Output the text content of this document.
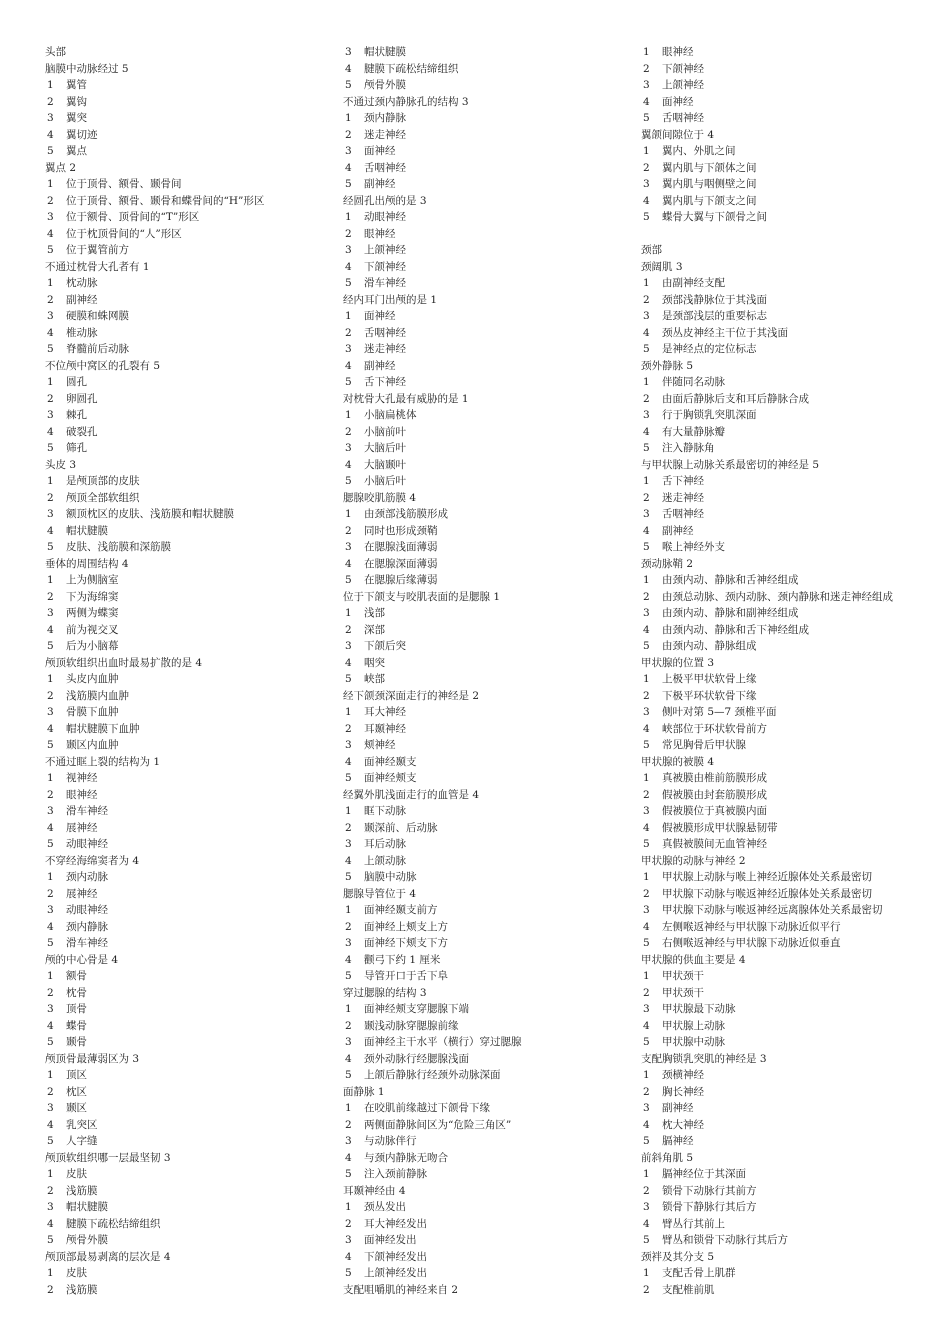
头部
脑膜中动脉经过 5
1 翼管
2 翼钩
3 翼突
4 翼切迹
5 翼点
翼点 2
1 位于顶骨、额骨、颞骨间
2 位于顶骨、额骨、颞骨和蝶骨间的“H”形区
3 位于额骨、顶骨间的“T”形区
4 位于枕顶骨间的“人”形区
5 位于翼管前方
不通过枕骨大孔者有 1
1 枕动脉
2 副神经
3 硬膜和蛛网膜
4 椎动脉
5 脊髓前后动脉
不位颅中窝区的孔裂有 5
1 圆孔
2 卵圆孔
3 棘孔
4 破裂孔
5 筛孔
头皮 3
1 是颅顶部的皮肤
2 颅顶全部软组织
3 额顶枕区的皮肤、浅筋膜和帽状腱膜
4 帽状腱膜
5 皮肤、浅筋膜和深筋膜
垂体的周围结构 4
1 上为侧脑室
2 下为海绵窦
3 两侧为蝶窦
4 前为视交叉
5 后为小脑幕
颅顶软组织出血时最易扩散的是 4
1 头皮内血肿
2 浅筋膜内血肿
3 骨膜下血肿
4 帽状腱膜下血肿
5 颞区内血肿
不通过眶上裂的结构为 1
1 视神经
2 眼神经
3 滑车神经
4 展神经
5 动眼神经
不穿经海绵窦者为 4
1 颈内动脉
2 展神经
3 动眼神经
4 颈内静脉
5 滑车神经
颅的中心骨是 4
1 额骨
2 枕骨
3 顶骨
4 蝶骨
5 颞骨
颅顶骨最薄弱区为 3
1 顶区
2 枕区
3 颞区
4 乳突区
5 人字缝
颅顶软组织哪一层最坚韧 3
1 皮肤
2 浅筋膜
3 帽状腱膜
4 腱膜下疏松结缔组织
5 颅骨外膜
颅顶部最易剥离的层次是 4
1 皮肤
2 浅筋膜
3 帽状腱膜
4 腱膜下疏松结缔组织
5 颅骨外膜
不通过颈内静脉孔的结构 3
1 颈内静脉
2 迷走神经
3 面神经
4 舌咽神经
5 副神经
经圆孔出颅的是 3
1 动眼神经
2 眼神经
3 上颌神经
4 下颌神经
5 滑车神经
经内耳门出颅的是 1
1 面神经
2 舌咽神经
3 迷走神经
4 副神经
5 舌下神经
对枕骨大孔最有威胁的是 1
1 小脑扁桃体
2 小脑前叶
3 大脑后叶
4 大脑颞叶
5 小脑后叶
腮腺咬肌筋膜 4
1 由颈部浅筋膜形成
2 同时也形成颈鞘
3 在腮腺浅面薄弱
4 在腮腺深面薄弱
5 在腮腺后缘薄弱
位于下颌支与咬肌表面的是腮腺 1
1 浅部
2 深部
3 下颌后突
4 咽突
5 峡部
经下颌颈深面走行的神经是 2
1 耳大神经
2 耳颞神经
3 颊神经
4 面神经颞支
5 面神经颊支
经翼外肌浅面走行的血管是 4
1 眶下动脉
2 颞深前、后动脉
3 耳后动脉
4 上颌动脉
5 脑膜中动脉
腮腺导管位于 4
1 面神经颞支前方
2 面神经上颊支上方
3 面神经下颊支下方
4 颧弓下约 1 厘米
5 导管开口于舌下阜
穿过腮腺的结构 3
1 面神经颊支穿腮腺下端
2 颞浅动脉穿腮腺前缘
3 面神经主干水平（横行）穿过腮腺
4 颈外动脉行经腮腺浅面
5 上颌后静脉行经颈外动脉深面
面静脉 1
1 在咬肌前缘越过下颌骨下缘
2 两侧面静脉间区为“危险三角区”
3 与动脉伴行
4 与颈内静脉无吻合
5 注入颈前静脉
耳颞神经由 4
1 颈丛发出
2 耳大神经发出
3 面神经发出
4 下颌神经发出
5 上颌神经发出
支配咀嚼肌的神经来自 2
1 眼神经
2 下颌神经
3 上颌神经
4 面神经
5 舌咽神经
翼颌间隙位于 4
1 翼内、外肌之间
2 翼内肌与下颌体之间
3 翼内肌与咽侧壁之间
4 翼内肌与下颌支之间
5 蝶骨大翼与下颌骨之间
颈部
颈阔肌 3
1 由副神经支配
2 颈部浅静脉位于其浅面
3 是颈部浅层的重要标志
4 颈丛皮神经主干位于其浅面
5 是神经点的定位标志
颈外静脉 5
1 伴随同名动脉
2 由面后静脉后支和耳后静脉合成
3 行于胸锁乳突肌深面
4 有大量静脉瓣
5 注入静脉角
与甲状腺上动脉关系最密切的神经是 5
1 舌下神经
2 迷走神经
3 舌咽神经
4 副神经
5 喉上神经外支
颈动脉鞘 2
1 由颈内动、静脉和舌神经组成
2 由颈总动脉、颈内动脉、颈内静脉和迷走神经组成
3 由颈内动、静脉和副神经组成
4 由颈内动、静脉和舌下神经组成
5 由颈内动、静脉组成
甲状腺的位置 3
1 上极平甲状软骨上缘
2 下极平环状软骨下缘
3 侧叶对第 5—7 颈椎平面
4 峡部位于环状软骨前方
5 常见胸骨后甲状腺
甲状腺的被膜 4
1 真被膜由椎前筋膜形成
2 假被膜由封套筋膜形成
3 假被膜位于真被膜内面
4 假被膜形成甲状腺悬韧带
5 真假被膜间无血管神经
甲状腺的动脉与神经 2
1 甲状腺上动脉与喉上神经近腺体处关系最密切
2 甲状腺下动脉与喉返神经近腺体处关系最密切
3 甲状腺下动脉与喉返神经远离腺体处关系最密切
4 左侧喉返神经与甲状腺下动脉近似平行
5 右侧喉返神经与甲状腺下动脉近似垂直
甲状腺的供血主要是 4
1 甲状颈干
2 甲状颈干
3 甲状腺最下动脉
4 甲状腺上动脉
5 甲状腺中动脉
支配胸锁乳突肌的神经是 3
1 颈横神经
2 胸长神经
3 副神经
4 枕大神经
5 膈神经
前斜角肌 5
1 膈神经位于其深面
2 锁骨下动脉行其前方
3 锁骨下静脉行其后方
4 臂丛行其前上
5 臂丛和锁骨下动脉行其后方
颈袢及其分支 5
1 支配舌骨上肌群
2 支配椎前肌
